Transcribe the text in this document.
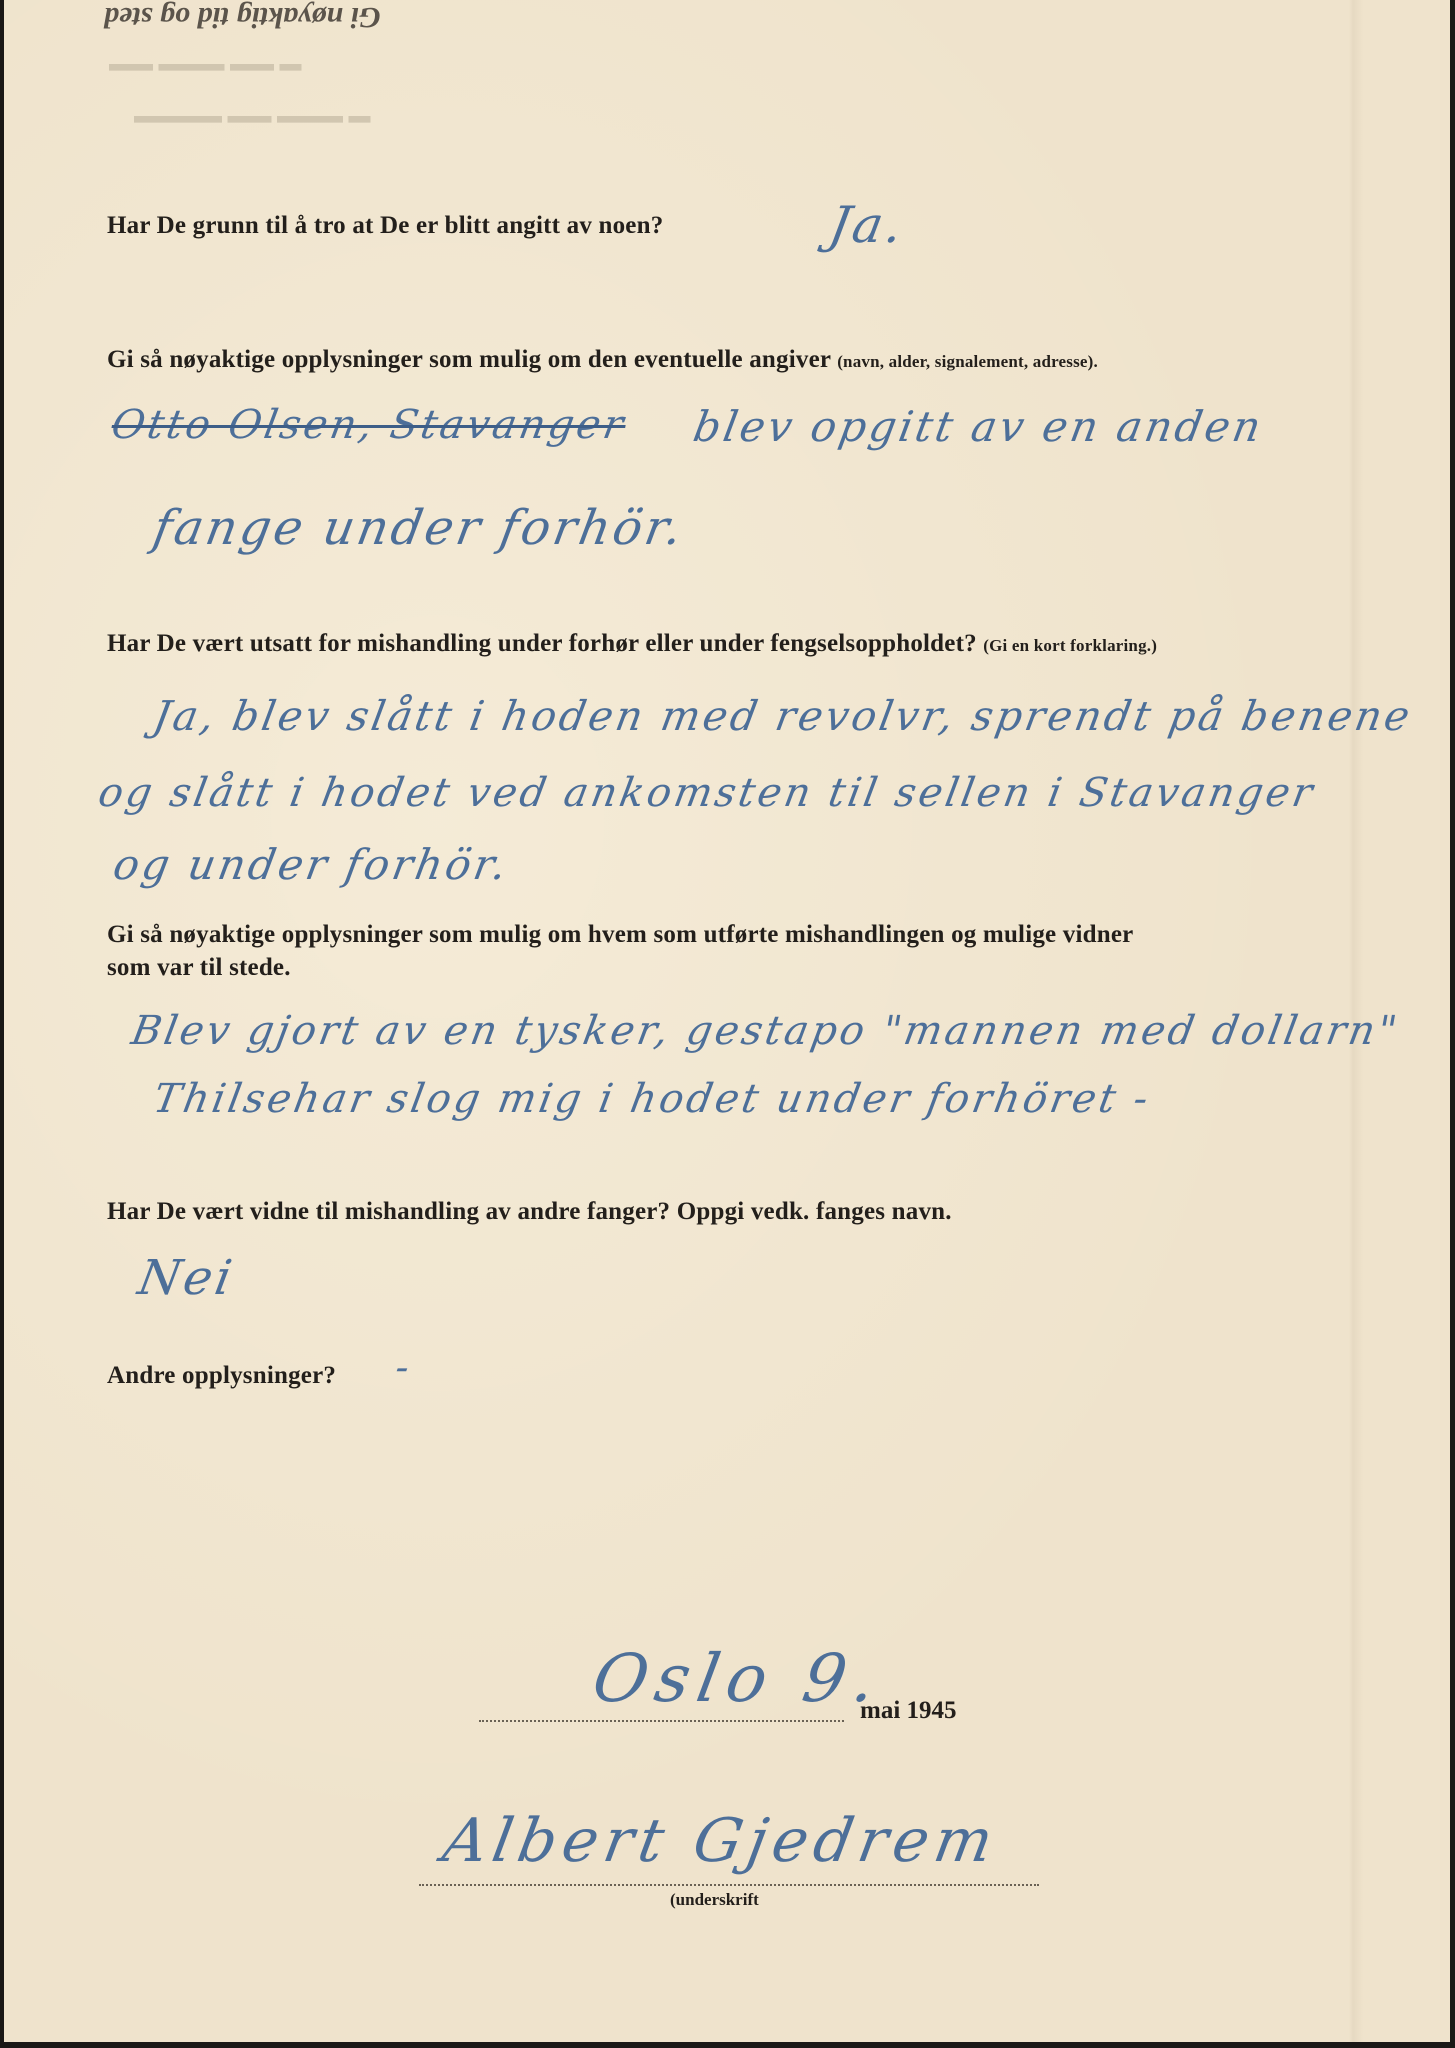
Gi nøyaktig tid og sted
▬ ▬▬ ▬▬▬ ▬▬
▬ ▬▬▬ ▬▬ ▬▬▬▬
Har De grunn til å tro at De er blitt angitt av noen?	Ja.
Gi så nøyaktige opplysninger som mulig om den eventuelle angiver (navn, alder, signalement, adresse).
Otto Olsen, Stavanger blev opgitt av en anden
fange under forhör.
Har De vært utsatt for mishandling under forhør eller under fengselsoppholdet? (Gi en kort forklaring.)
Ja, blev slått i hoden med revolvr, sprendt på benene
og slått i hodet ved ankomsten til sellen i Stavanger
og under forhör.
Gi så nøyaktige opplysninger som mulig om hvem som utførte mishandlingen og mulige vidner
som var til stede.
Blev gjort av en tysker, gestapo "mannen med dollarn"
Thilsehar slog mig i hodet under forhöret -
Har De vært vidne til mishandling av andre fanger? Oppgi vedk. fanges navn.
Nei
Andre opplysninger? -
Oslo 9.
mai 1945
Albert Gjedrem
(underskrift
